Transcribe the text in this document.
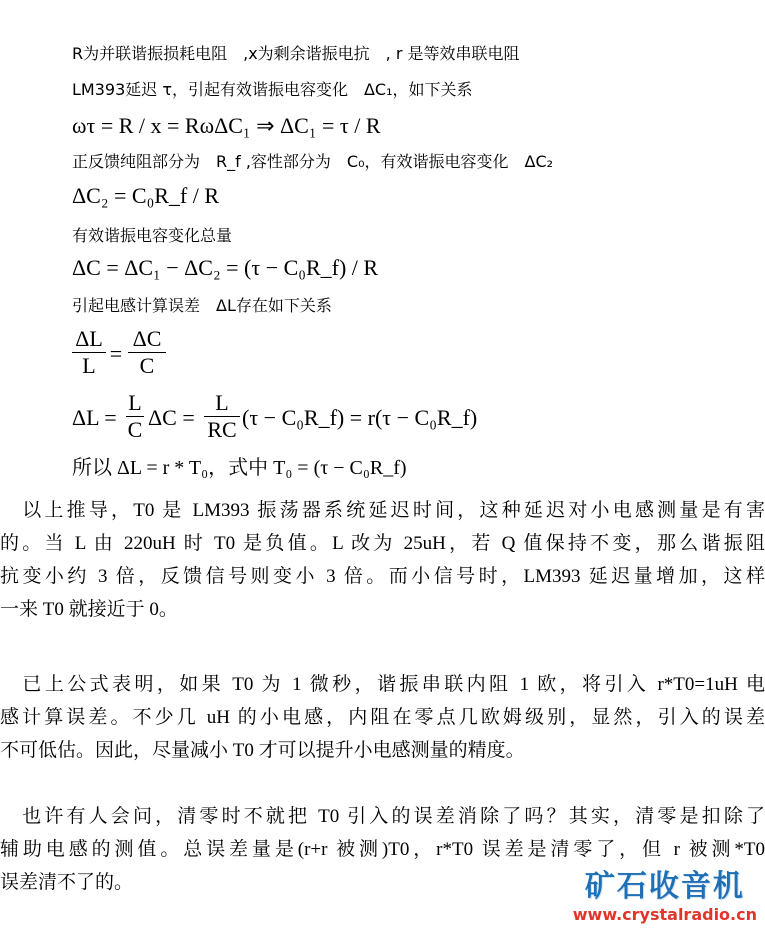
R为并联谐振损耗电阻　,x为剩余谐振电抗　, r 是等效串联电阻
LM393延迟 τ，引起有效谐振电容变化　ΔC₁，如下关系
ωτ = R / x = RωΔC₁ ⇒ ΔC₁ = τ / R
正反馈纯阻部分为　R_f ,容性部分为　C₀，有效谐振电容变化　ΔC₂
ΔC₂ = C₀R_f / R
有效谐振电容变化总量
ΔC = ΔC₁ − ΔC₂ = (τ − C₀R_f) / R
引起电感计算误差　ΔL存在如下关系
$\frac{\Delta L}{L} = \frac{\Delta C}{C}$
$\Delta L = \frac{L}{C}$ $\Delta C = \frac{L}{RC} (\tau$ − C₀R_f) = r(τ − C₀R_f)
所以 ΔL = r * T₀，式中 T₀ = (τ − C₀R_f)
　以上推导，T0 是 LM393 振荡器系统延迟时间，这种延迟对小电感测量是有害
的。当 L 由 220uH 时 T0 是负值。L 改为 25uH，若 Q 值保持不变，那么谐振阻
抗变小约 3 倍，反馈信号则变小 3 倍。而小信号时，LM393 延迟量增加，这样
一来 T0 就接近于 0。
　已上公式表明，如果 T0 为 1 微秒，谐振串联内阻 1 欧，将引入 r*T0=1uH 电
感计算误差。不少几 uH 的小电感，内阻在零点几欧姆级别，显然，引入的误差
不可低估。因此，尽量减小 T0 才可以提升小电感测量的精度。
　也许有人会问，清零时不就把 T0 引入的误差消除了吗？其实，清零是扣除了
辅助电感的测值。总误差量是(r+r 被测)T0，r*T0 误差是清零了，但 r 被测*T0
误差清不了的。	矿石收音机
www.crystalradio.cn
